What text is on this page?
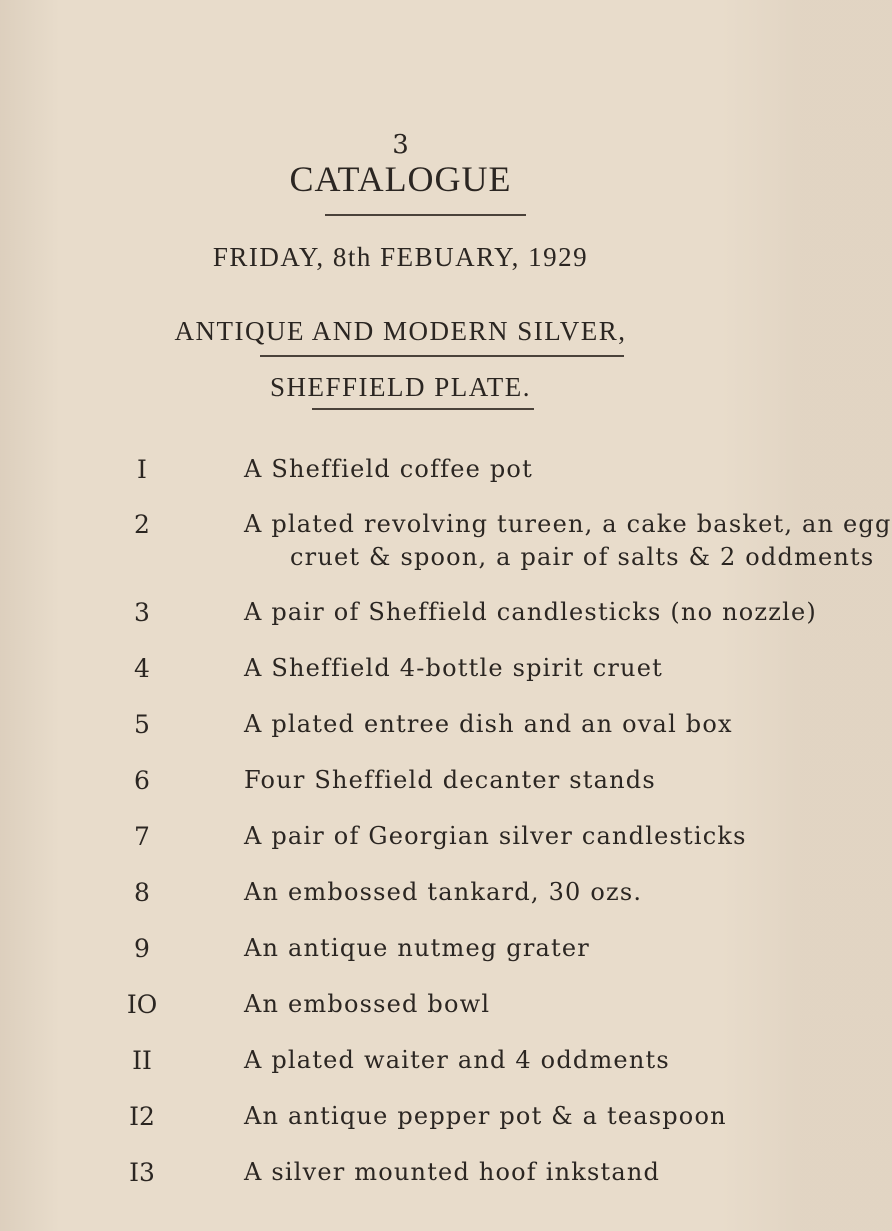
3
CATALOGUE
FRIDAY, 8th FEBUARY, 1929
ANTIQUE AND MODERN SILVER,
SHEFFIELD PLATE.
I	A Sheffield coffee pot
2	A plated revolving tureen, a cake basket, an egg
cruet & spoon, a pair of salts & 2 oddments
3	A pair of Sheffield candlesticks (no nozzle)
4	A Sheffield 4-bottle spirit cruet
5	A plated entree dish and an oval box
6	Four Sheffield decanter stands
7	A pair of Georgian silver candlesticks
8	An embossed tankard, 30 ozs.
9	An antique nutmeg grater
IO	An embossed bowl
II	A plated waiter and 4 oddments
I2	An antique pepper pot & a teaspoon
I3	A silver mounted hoof inkstand
